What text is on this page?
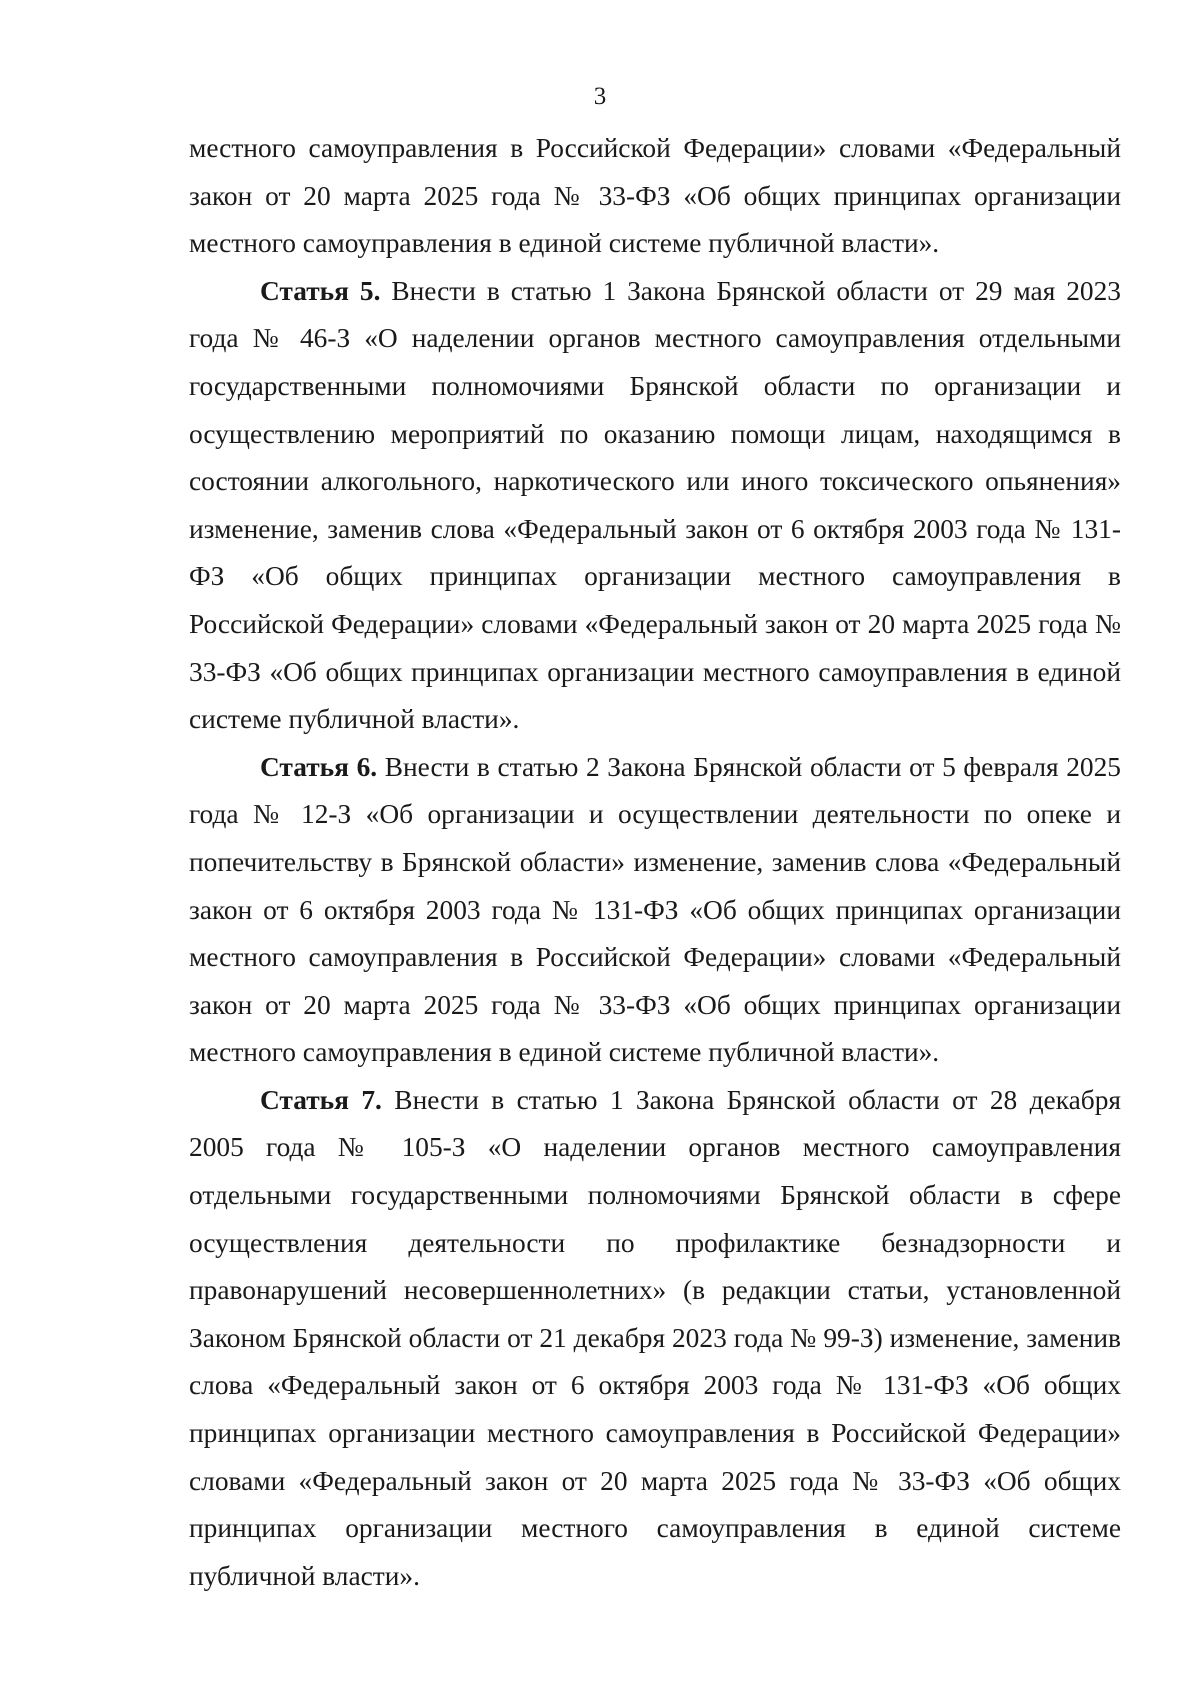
3

местного самоуправления в Российской Федерации» словами «Федеральный закон от 20 марта 2025 года № 33-ФЗ «Об общих принципах организации местного самоуправления в единой системе публичной власти».

Статья 5. Внести в статью 1 Закона Брянской области от 29 мая 2023 года № 46-З «О наделении органов местного самоуправления отдельными государственными полномочиями Брянской области по организации и осуществлению мероприятий по оказанию помощи лицам, находящимся в состоянии алкогольного, наркотического или иного токсического опьянения» изменение, заменив слова «Федеральный закон от 6 октября 2003 года № 131-ФЗ «Об общих принципах организации местного самоуправления в Российской Федерации» словами «Федеральный закон от 20 марта 2025 года № 33-ФЗ «Об общих принципах организации местного самоуправления в единой системе публичной власти».

Статья 6. Внести в статью 2 Закона Брянской области от 5 февраля 2025 года № 12-З «Об организации и осуществлении деятельности по опеке и попечительству в Брянской области» изменение, заменив слова «Федеральный закон от 6 октября 2003 года № 131-ФЗ «Об общих принципах организации местного самоуправления в Российской Федерации» словами «Федеральный закон от 20 марта 2025 года № 33-ФЗ «Об общих принципах организации местного самоуправления в единой системе публичной власти».

Статья 7. Внести в статью 1 Закона Брянской области от 28 декабря 2005 года № 105-З «О наделении органов местного самоуправления отдельными государственными полномочиями Брянской области в сфере осуществления деятельности по профилактике безнадзорности и правонарушений несовершеннолетних» (в редакции статьи, установленной Законом Брянской области от 21 декабря 2023 года № 99-З) изменение, заменив слова «Федеральный закон от 6 октября 2003 года № 131-ФЗ «Об общих принципах организации местного самоуправления в Российской Федерации» словами «Федеральный закон от 20 марта 2025 года № 33-ФЗ «Об общих принципах организации местного самоуправления в единой системе публичной власти».
